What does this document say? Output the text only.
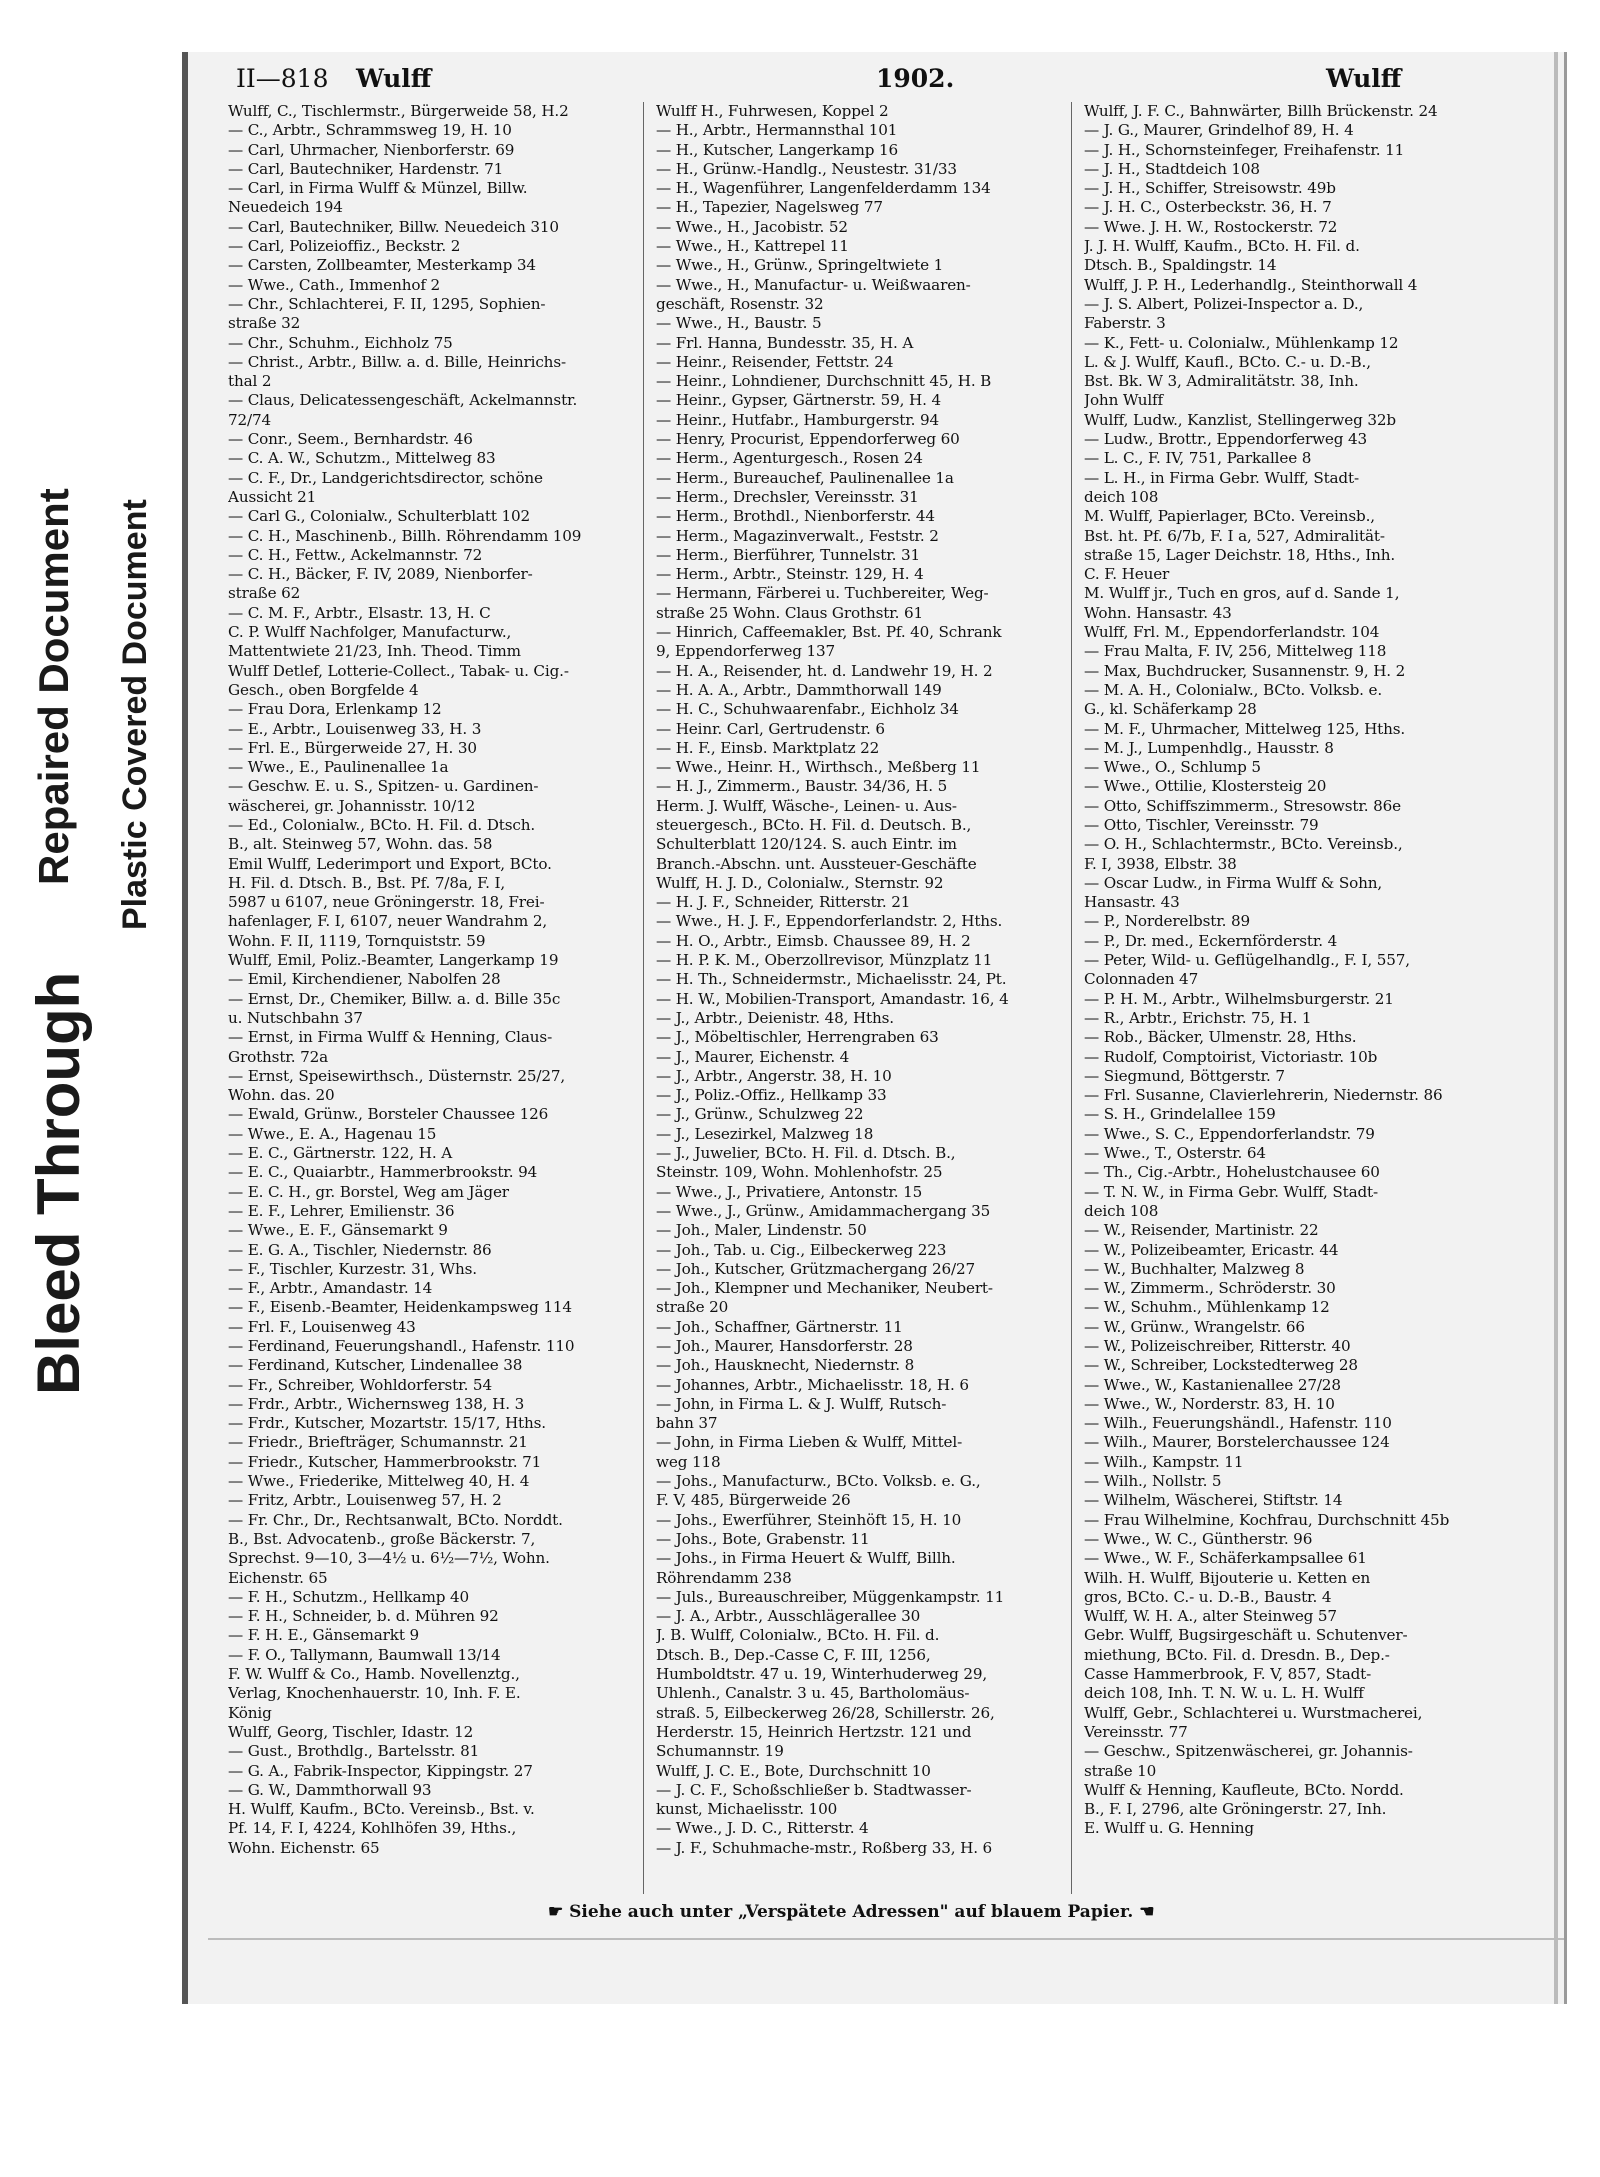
Bleed Through
Repaired Document Plastic Covered Document
II—818 Wulff	1902.	Wulff
Wulff, C., Tischlermstr., Bürgerweide 58, H.2
— C., Arbtr., Schrammsweg 19, H. 10
— Carl, Uhrmacher, Nienborferstr. 69
— Carl, Bautechniker, Hardenstr. 71
— Carl, in Firma Wulff & Münzel, Billw.
Neuedeich 194
— Carl, Bautechniker, Billw. Neuedeich 310
— Carl, Polizeioffiz., Beckstr. 2
— Carsten, Zollbeamter, Mesterkamp 34
— Wwe., Cath., Immenhof 2
— Chr., Schlachterei, F. II, 1295, Sophien-
straße 32
— Chr., Schuhm., Eichholz 75
— Christ., Arbtr., Billw. a. d. Bille, Heinrichs-
thal 2
— Claus, Delicatessengeschäft, Ackelmannstr.
72/74
— Conr., Seem., Bernhardstr. 46
— C. A. W., Schutzm., Mittelweg 83
— C. F., Dr., Landgerichtsdirector, schöne
Aussicht 21
— Carl G., Colonialw., Schulterblatt 102
— C. H., Maschinenb., Billh. Röhrendamm 109
— C. H., Fettw., Ackelmannstr. 72
— C. H., Bäcker, F. IV, 2089, Nienborfer-
straße 62
— C. M. F., Arbtr., Elsastr. 13, H. C
C. P. Wulff Nachfolger, Manufacturw.,
Mattentwiete 21/23, Inh. Theod. Timm
Wulff Detlef, Lotterie-Collect., Tabak- u. Cig.-
Gesch., oben Borgfelde 4
— Frau Dora, Erlenkamp 12
— E., Arbtr., Louisenweg 33, H. 3
— Frl. E., Bürgerweide 27, H. 30
— Wwe., E., Paulinenallee 1a
— Geschw. E. u. S., Spitzen- u. Gardinen-
wäscherei, gr. Johannisstr. 10/12
— Ed., Colonialw., BCto. H. Fil. d. Dtsch.
B., alt. Steinweg 57, Wohn. das. 58
Emil Wulff, Lederimport und Export, BCto.
H. Fil. d. Dtsch. B., Bst. Pf. 7/8a, F. I,
5987 u 6107, neue Gröningerstr. 18, Frei-
hafenlager, F. I, 6107, neuer Wandrahm 2,
Wohn. F. II, 1119, Tornquiststr. 59
Wulff, Emil, Poliz.-Beamter, Langerkamp 19
— Emil, Kirchendiener, Nabolfen 28
— Ernst, Dr., Chemiker, Billw. a. d. Bille 35c
u. Nutschbahn 37
— Ernst, in Firma Wulff & Henning, Claus-
Grothstr. 72a
— Ernst, Speisewirthsch., Düsternstr. 25/27,
Wohn. das. 20
— Ewald, Grünw., Borsteler Chaussee 126
— Wwe., E. A., Hagenau 15
— E. C., Gärtnerstr. 122, H. A
— E. C., Quaiarbtr., Hammerbrookstr. 94
— E. C. H., gr. Borstel, Weg am Jäger
— E. F., Lehrer, Emilienstr. 36
— Wwe., E. F., Gänsemarkt 9
— E. G. A., Tischler, Niedernstr. 86
— F., Tischler, Kurzestr. 31, Whs.
— F., Arbtr., Amandastr. 14
— F., Eisenb.-Beamter, Heidenkampsweg 114
— Frl. F., Louisenweg 43
— Ferdinand, Feuerungshandl., Hafenstr. 110
— Ferdinand, Kutscher, Lindenallee 38
— Fr., Schreiber, Wohldorferstr. 54
— Frdr., Arbtr., Wichernsweg 138, H. 3
— Frdr., Kutscher, Mozartstr. 15/17, Hths.
— Friedr., Briefträger, Schumannstr. 21
— Friedr., Kutscher, Hammerbrookstr. 71
— Wwe., Friederike, Mittelweg 40, H. 4
— Fritz, Arbtr., Louisenweg 57, H. 2
— Fr. Chr., Dr., Rechtsanwalt, BCto. Norddt.
B., Bst. Advocatenb., große Bäckerstr. 7,
Sprechst. 9—10, 3—4½ u. 6½—7½, Wohn.
Eichenstr. 65
— F. H., Schutzm., Hellkamp 40
— F. H., Schneider, b. d. Mühren 92
— F. H. E., Gänsemarkt 9
— F. O., Tallymann, Baumwall 13/14
F. W. Wulff & Co., Hamb. Novellenztg.,
Verlag, Knochenhauerstr. 10, Inh. F. E.
König
Wulff, Georg, Tischler, Idastr. 12
— Gust., Brothdlg., Bartelsstr. 81
— G. A., Fabrik-Inspector, Kippingstr. 27
— G. W., Dammthorwall 93
H. Wulff, Kaufm., BCto. Vereinsb., Bst. v.
Pf. 14, F. I, 4224, Kohlhöfen 39, Hths.,
Wohn. Eichenstr. 65
Wulff H., Fuhrwesen, Koppel 2
— H., Arbtr., Hermannsthal 101
— H., Kutscher, Langerkamp 16
— H., Grünw.-Handlg., Neustestr. 31/33
— H., Wagenführer, Langenfelderdamm 134
— H., Tapezier, Nagelsweg 77
— Wwe., H., Jacobistr. 52
— Wwe., H., Kattrepel 11
— Wwe., H., Grünw., Springeltwiete 1
— Wwe., H., Manufactur- u. Weißwaaren-
geschäft, Rosenstr. 32
— Wwe., H., Baustr. 5
— Frl. Hanna, Bundesstr. 35, H. A
— Heinr., Reisender, Fettstr. 24
— Heinr., Lohndiener, Durchschnitt 45, H. B
— Heinr., Gypser, Gärtnerstr. 59, H. 4
— Heinr., Hutfabr., Hamburgerstr. 94
— Henry, Procurist, Eppendorferweg 60
— Herm., Agenturgesch., Rosen 24
— Herm., Bureauchef, Paulinenallee 1a
— Herm., Drechsler, Vereinsstr. 31
— Herm., Brothdl., Nienborferstr. 44
— Herm., Magazinverwalt., Feststr. 2
— Herm., Bierführer, Tunnelstr. 31
— Herm., Arbtr., Steinstr. 129, H. 4
— Hermann, Färberei u. Tuchbereiter, Weg-
straße 25 Wohn. Claus Grothstr. 61
— Hinrich, Caffeemakler, Bst. Pf. 40, Schrank
9, Eppendorferweg 137
— H. A., Reisender, ht. d. Landwehr 19, H. 2
— H. A. A., Arbtr., Dammthorwall 149
— H. C., Schuhwaarenfabr., Eichholz 34
— Heinr. Carl, Gertrudenstr. 6
— H. F., Einsb. Marktplatz 22
— Wwe., Heinr. H., Wirthsch., Meßberg 11
— H. J., Zimmerm., Baustr. 34/36, H. 5
Herm. J. Wulff, Wäsche-, Leinen- u. Aus-
steuergesch., BCto. H. Fil. d. Deutsch. B.,
Schulterblatt 120/124. S. auch Eintr. im
Branch.-Abschn. unt. Aussteuer-Geschäfte
Wulff, H. J. D., Colonialw., Sternstr. 92
— H. J. F., Schneider, Ritterstr. 21
— Wwe., H. J. F., Eppendorferlandstr. 2, Hths.
— H. O., Arbtr., Eimsb. Chaussee 89, H. 2
— H. P. K. M., Oberzollrevisor, Münzplatz 11
— H. Th., Schneidermstr., Michaelisstr. 24, Pt.
— H. W., Mobilien-Transport, Amandastr. 16, 4
— J., Arbtr., Deienistr. 48, Hths.
— J., Möbeltischler, Herrengraben 63
— J., Maurer, Eichenstr. 4
— J., Arbtr., Angerstr. 38, H. 10
— J., Poliz.-Offiz., Hellkamp 33
— J., Grünw., Schulzweg 22
— J., Lesezirkel, Malzweg 18
— J., Juwelier, BCto. H. Fil. d. Dtsch. B.,
Steinstr. 109, Wohn. Mohlenhofstr. 25
— Wwe., J., Privatiere, Antonstr. 15
— Wwe., J., Grünw., Amidammachergang 35
— Joh., Maler, Lindenstr. 50
— Joh., Tab. u. Cig., Eilbeckerweg 223
— Joh., Kutscher, Grützmachergang 26/27
— Joh., Klempner und Mechaniker, Neubert-
straße 20
— Joh., Schaffner, Gärtnerstr. 11
— Joh., Maurer, Hansdorferstr. 28
— Joh., Hausknecht, Niedernstr. 8
— Johannes, Arbtr., Michaelisstr. 18, H. 6
— John, in Firma L. & J. Wulff, Rutsch-
bahn 37
— John, in Firma Lieben & Wulff, Mittel-
weg 118
— Johs., Manufacturw., BCto. Volksb. e. G.,
F. V, 485, Bürgerweide 26
— Johs., Ewerführer, Steinhöft 15, H. 10
— Johs., Bote, Grabenstr. 11
— Johs., in Firma Heuert & Wulff, Billh.
Röhrendamm 238
— Juls., Bureauschreiber, Müggenkampstr. 11
— J. A., Arbtr., Ausschlägerallee 30
J. B. Wulff, Colonialw., BCto. H. Fil. d.
Dtsch. B., Dep.-Casse C, F. III, 1256,
Humboldtstr. 47 u. 19, Winterhuderweg 29,
Uhlenh., Canalstr. 3 u. 45, Bartholomäus-
straß. 5, Eilbeckerweg 26/28, Schillerstr. 26,
Herderstr. 15, Heinrich Hertzstr. 121 und
Schumannstr. 19
Wulff, J. C. E., Bote, Durchschnitt 10
— J. C. F., Schoßschließer b. Stadtwasser-
kunst, Michaelisstr. 100
— Wwe., J. D. C., Ritterstr. 4
— J. F., Schuhmache-mstr., Roßberg 33, H. 6
Wulff, J. F. C., Bahnwärter, Billh Brückenstr. 24
— J. G., Maurer, Grindelhof 89, H. 4
— J. H., Schornsteinfeger, Freihafenstr. 11
— J. H., Stadtdeich 108
— J. H., Schiffer, Streisowstr. 49b
— J. H. C., Osterbeckstr. 36, H. 7
— Wwe. J. H. W., Rostockerstr. 72
J. J. H. Wulff, Kaufm., BCto. H. Fil. d.
Dtsch. B., Spaldingstr. 14
Wulff, J. P. H., Lederhandlg., Steinthorwall 4
— J. S. Albert, Polizei-Inspector a. D.,
Faberstr. 3
— K., Fett- u. Colonialw., Mühlenkamp 12
L. & J. Wulff, Kaufl., BCto. C.- u. D.-B.,
Bst. Bk. W 3, Admiralitätstr. 38, Inh.
John Wulff
Wulff, Ludw., Kanzlist, Stellingerweg 32b
— Ludw., Brottr., Eppendorferweg 43
— L. C., F. IV, 751, Parkallee 8
— L. H., in Firma Gebr. Wulff, Stadt-
deich 108
M. Wulff, Papierlager, BCto. Vereinsb.,
Bst. ht. Pf. 6/7b, F. I a, 527, Admiralität-
straße 15, Lager Deichstr. 18, Hths., Inh.
C. F. Heuer
M. Wulff jr., Tuch en gros, auf d. Sande 1,
Wohn. Hansastr. 43
Wulff, Frl. M., Eppendorferlandstr. 104
— Frau Malta, F. IV, 256, Mittelweg 118
— Max, Buchdrucker, Susannenstr. 9, H. 2
— M. A. H., Colonialw., BCto. Volksb. e.
G., kl. Schäferkamp 28
— M. F., Uhrmacher, Mittelweg 125, Hths.
— M. J., Lumpenhdlg., Hausstr. 8
— Wwe., O., Schlump 5
— Wwe., Ottilie, Klostersteig 20
— Otto, Schiffszimmerm., Stresowstr. 86e
— Otto, Tischler, Vereinsstr. 79
— O. H., Schlachtermstr., BCto. Vereinsb.,
F. I, 3938, Elbstr. 38
— Oscar Ludw., in Firma Wulff & Sohn,
Hansastr. 43
— P., Norderelbstr. 89
— P., Dr. med., Eckernförderstr. 4
— Peter, Wild- u. Geflügelhandlg., F. I, 557,
Colonnaden 47
— P. H. M., Arbtr., Wilhelmsburgerstr. 21
— R., Arbtr., Erichstr. 75, H. 1
— Rob., Bäcker, Ulmenstr. 28, Hths.
— Rudolf, Comptoirist, Victoriastr. 10b
— Siegmund, Böttgerstr. 7
— Frl. Susanne, Clavierlehrerin, Niedernstr. 86
— S. H., Grindelallee 159
— Wwe., S. C., Eppendorferlandstr. 79
— Wwe., T., Osterstr. 64
— Th., Cig.-Arbtr., Hohelustchausee 60
— T. N. W., in Firma Gebr. Wulff, Stadt-
deich 108
— W., Reisender, Martinistr. 22
— W., Polizeibeamter, Ericastr. 44
— W., Buchhalter, Malzweg 8
— W., Zimmerm., Schröderstr. 30
— W., Schuhm., Mühlenkamp 12
— W., Grünw., Wrangelstr. 66
— W., Polizeischreiber, Ritterstr. 40
— W., Schreiber, Lockstedterweg 28
— Wwe., W., Kastanienallee 27/28
— Wwe., W., Norderstr. 83, H. 10
— Wilh., Feuerungshändl., Hafenstr. 110
— Wilh., Maurer, Borstelerchaussee 124
— Wilh., Kampstr. 11
— Wilh., Nollstr. 5
— Wilhelm, Wäscherei, Stiftstr. 14
— Frau Wilhelmine, Kochfrau, Durchschnitt 45b
— Wwe., W. C., Güntherstr. 96
— Wwe., W. F., Schäferkampsallee 61
Wilh. H. Wulff, Bijouterie u. Ketten en
gros, BCto. C.- u. D.-B., Baustr. 4
Wulff, W. H. A., alter Steinweg 57
Gebr. Wulff, Bugsirgeschäft u. Schutenver-
miethung, BCto. Fil. d. Dresdn. B., Dep.-
Casse Hammerbrook, F. V, 857, Stadt-
deich 108, Inh. T. N. W. u. L. H. Wulff
Wulff, Gebr., Schlachterei u. Wurstmacherei,
Vereinsstr. 77
— Geschw., Spitzenwäscherei, gr. Johannis-
straße 10
Wulff & Henning, Kaufleute, BCto. Nordd.
B., F. I, 2796, alte Gröningerstr. 27, Inh.
E. Wulff u. G. Henning
☛ Siehe auch unter „Verspätete Adressen" auf blauem Papier. ☚
